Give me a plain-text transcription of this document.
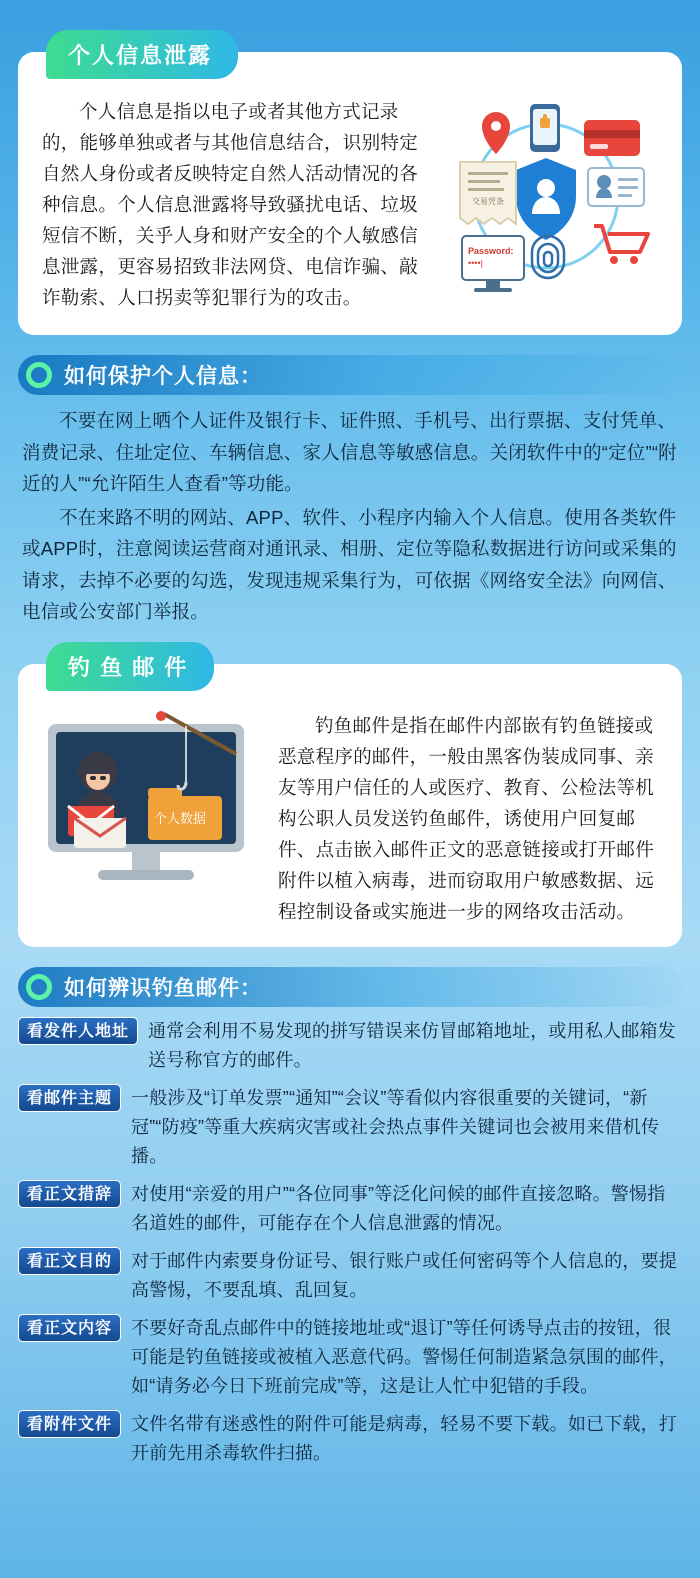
个人信息泄露
个人信息是指以电子或者其他方式记录的，能够单独或者与其他信息结合，识别特定自然人身份或者反映特定自然人活动情况的各种信息。个人信息泄露将导致骚扰电话、垃圾短信不断，关乎人身和财产安全的个人敏感信息泄露，更容易招致非法网贷、电信诈骗、敲诈勒索、人口拐卖等犯罪行为的攻击。
交易凭条
Password:
••••|
如何保护个人信息：
不要在网上晒个人证件及银行卡、证件照、手机号、出行票据、支付凭单、消费记录、住址定位、车辆信息、家人信息等敏感信息。关闭软件中的“定位”“附近的人”“允许陌生人查看”等功能。
不在来路不明的网站、APP、软件、小程序内输入个人信息。使用各类软件或APP时，注意阅读运营商对通讯录、相册、定位等隐私数据进行访问或采集的请求，去掉不必要的勾选，发现违规采集行为，可依据《网络安全法》向网信、电信或公安部门举报。
钓 鱼 邮 件
个人数据
钓鱼邮件是指在邮件内部嵌有钓鱼链接或恶意程序的邮件，一般由黑客伪装成同事、亲友等用户信任的人或医疗、教育、公检法等机构公职人员发送钓鱼邮件，诱使用户回复邮件、点击嵌入邮件正文的恶意链接或打开邮件附件以植入病毒，进而窃取用户敏感数据、远程控制设备或实施进一步的网络攻击活动。
如何辨识钓鱼邮件：
看发件人地址	通常会利用不易发现的拼写错误来仿冒邮箱地址，或用私人邮箱发送号称官方的邮件。
看邮件主题	一般涉及“订单发票”“通知”“会议”等看似内容很重要的关键词，“新冠”“防疫”等重大疾病灾害或社会热点事件关键词也会被用来借机传播。
看正文措辞	对使用“亲爱的用户”“各位同事”等泛化问候的邮件直接忽略。警惕指名道姓的邮件，可能存在个人信息泄露的情况。
看正文目的	对于邮件内索要身份证号、银行账户或任何密码等个人信息的，要提高警惕，不要乱填、乱回复。
看正文内容	不要好奇乱点邮件中的链接地址或“退订”等任何诱导点击的按钮，很可能是钓鱼链接或被植入恶意代码。警惕任何制造紧急氛围的邮件，如“请务必今日下班前完成”等，这是让人忙中犯错的手段。
看附件文件	文件名带有迷惑性的附件可能是病毒，轻易不要下载。如已下载，打开前先用杀毒软件扫描。
